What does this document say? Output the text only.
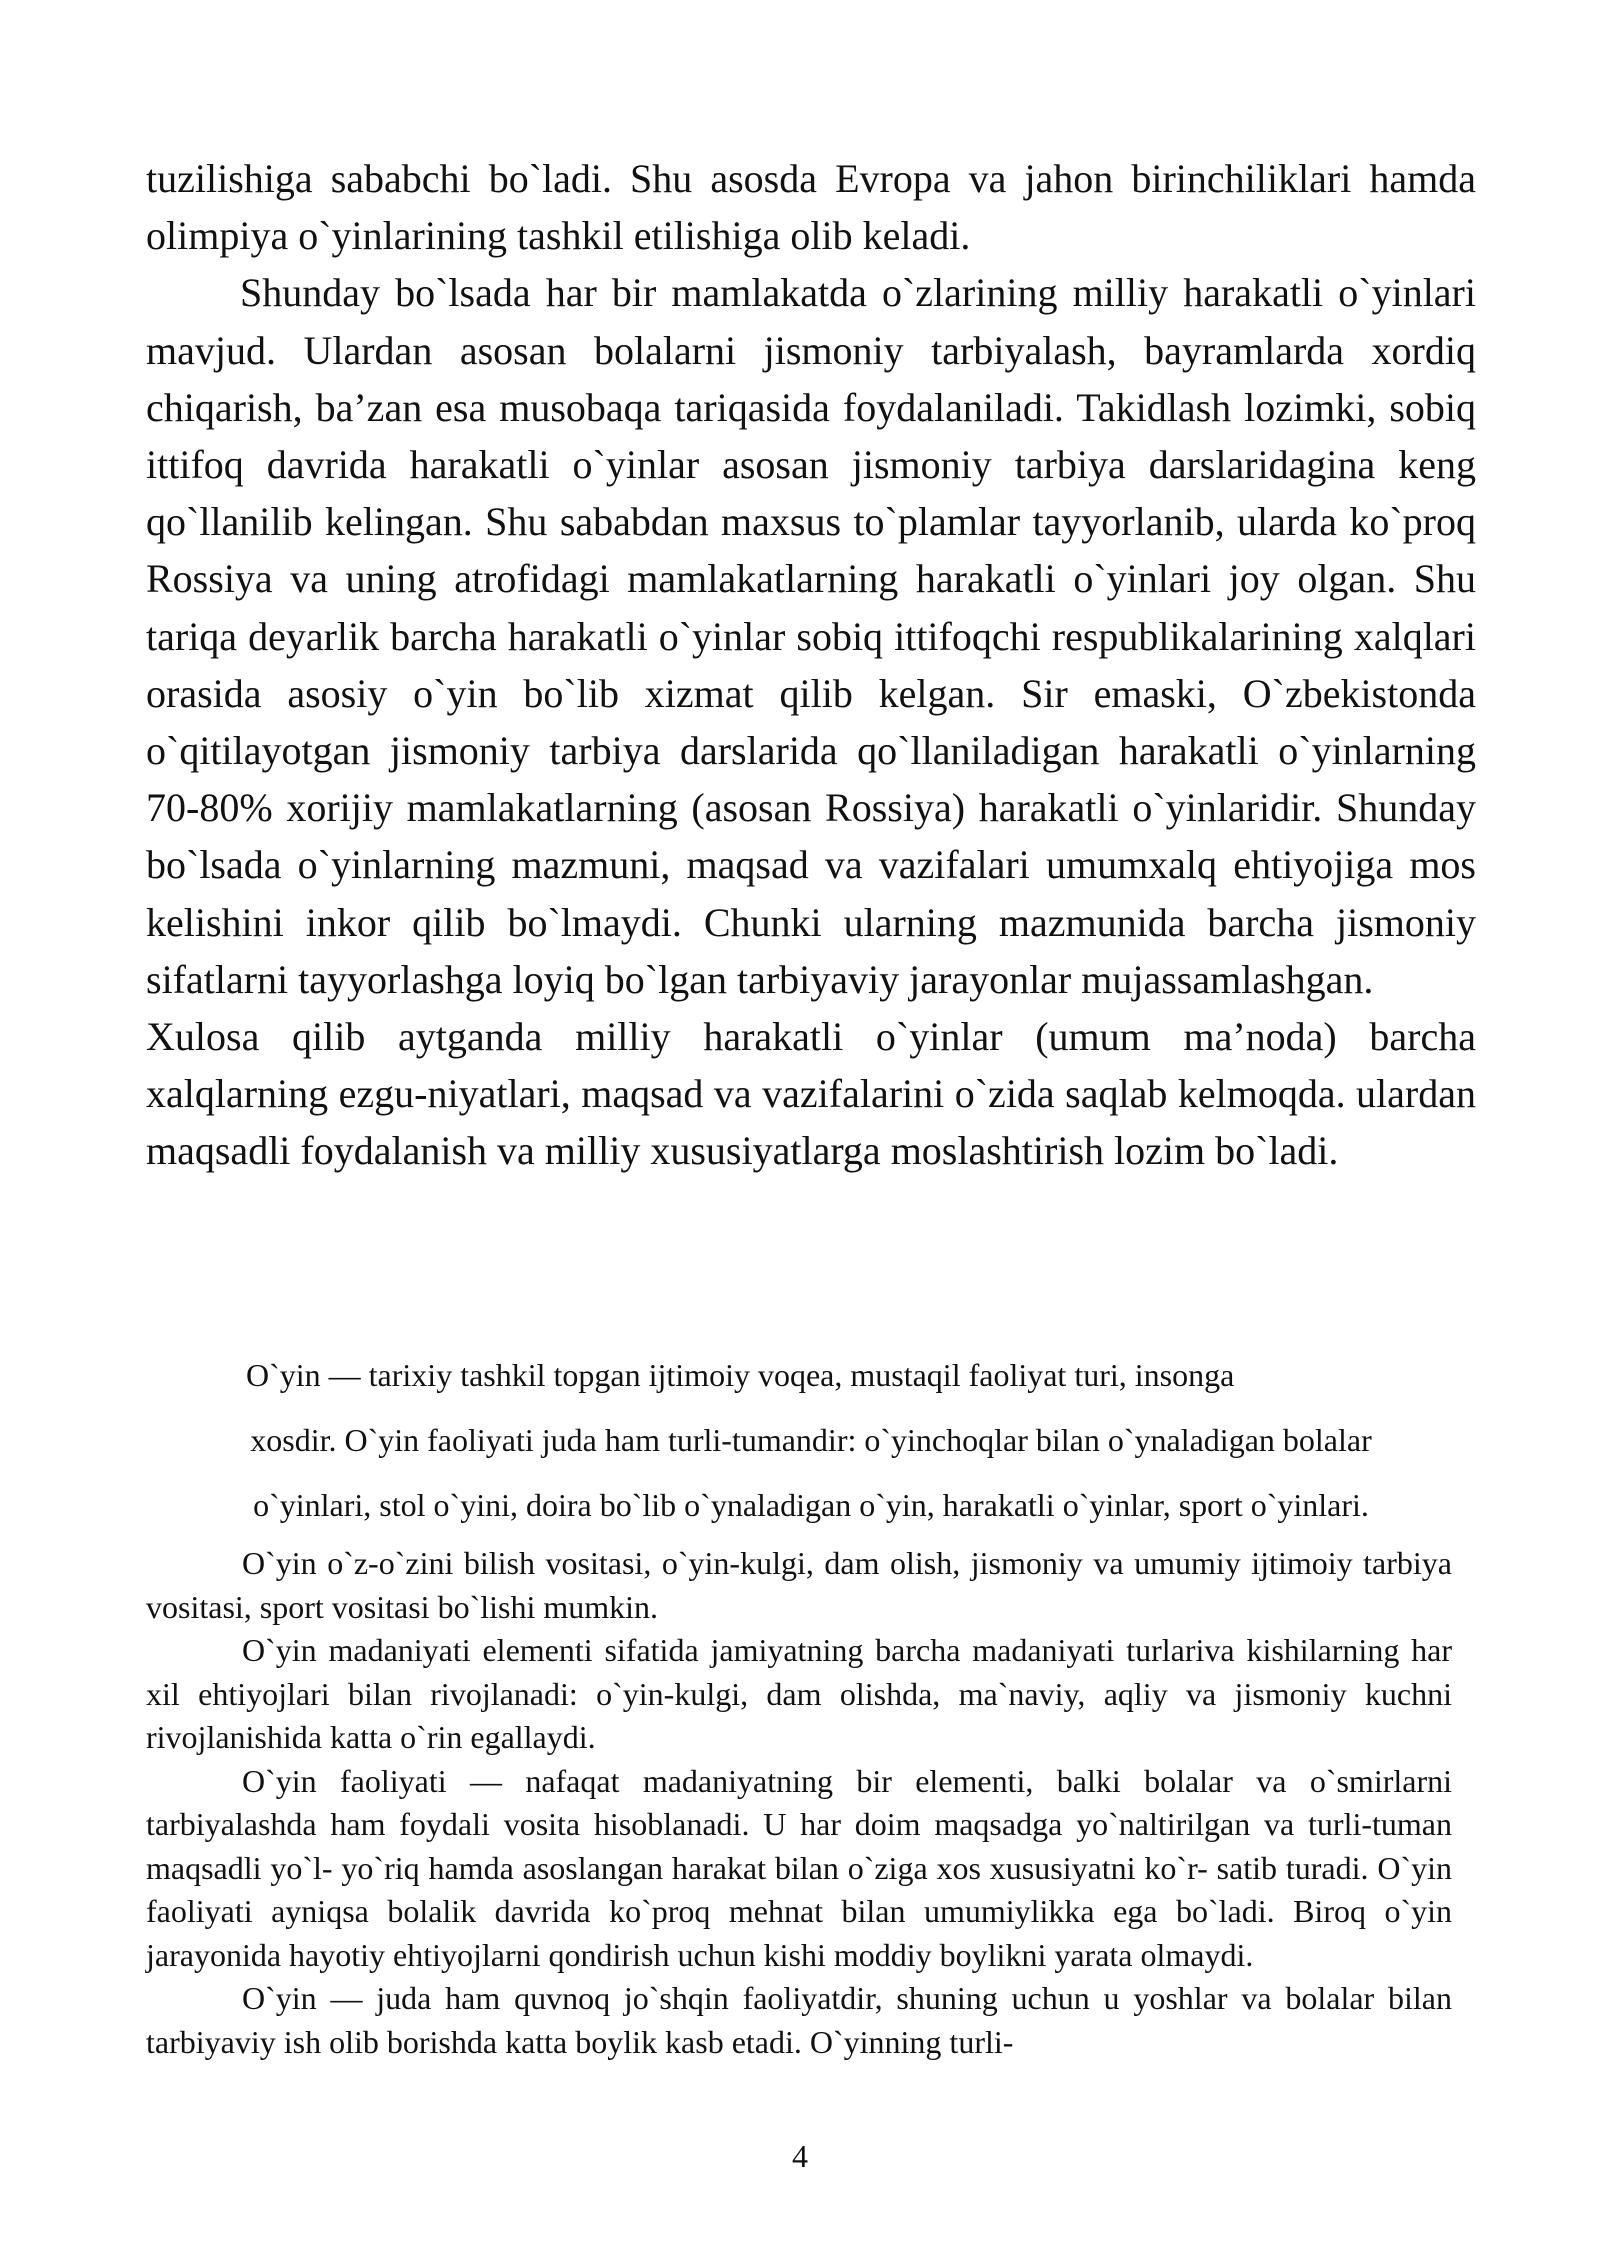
tuzilishiga sababchi bo`ladi. Shu asosda Evropa va jahon birinchiliklari hamda olimpiya o`yinlarining tashkil etilishiga olib keladi.

Shunday bo`lsada har bir mamlakatda o`zlarining milliy harakatli o`yinlari mavjud. Ulardan asosan bolalarni jismoniy tarbiyalash, bayramlarda xordiq chiqarish, ba’zan esa musobaqa tariqasida foydalaniladi. Takidlash lozimki, sobiq ittifoq davrida harakatli o`yinlar asosan jismoniy tarbiya darslaridagina keng qo`llanilib kelingan. Shu sababdan maxsus to`plamlar tayyorlanib, ularda ko`proq Rossiya va uning atrofidagi mamlakatlarning harakatli o`yinlari joy olgan. Shu tariqa deyarlik barcha harakatli o`yinlar sobiq ittifoqchi respublikalarining xalqlari orasida asosiy o`yin bo`lib xizmat qilib kelgan. Sir emaski, O`zbekistonda o`qitilayotgan jismoniy tarbiya darslarida qo`llaniladigan harakatli o`yinlarning 70-80% xorijiy mamlakatlarning (asosan Rossiya) harakatli o`yinlaridir. Shunday bo`lsada o`yinlarning mazmuni, maqsad va vazifalari umumxalq ehtiyojiga mos kelishini inkor qilib bo`lmaydi. Chunki ularning mazmunida barcha jismoniy sifatlarni tayyorlashga loyiq bo`lgan tarbiyaviy jarayonlar mujassamlashgan.

Xulosa qilib aytganda milliy harakatli o`yinlar (umum ma’noda) barcha xalqlarning ezgu-niyatlari, maqsad va vazifalarini o`zida saqlab kelmoqda. ulardan maqsadli foydalanish va milliy xususiyatlarga moslashtirish lozim bo`ladi.

O`yin — tarixiy tashkil topgan ijtimoiy voqea, mustaqil faoliyat turi, insonga

xosdir. O`yin faoliyati juda ham turli-tumandir: o`yinchoqlar bilan o`ynaladigan bolalar

o`yinlari, stol o`yini, doira bo`lib o`ynaladigan o`yin, harakatli o`yinlar, sport o`yinlari.

O`yin o`z-o`zini bilish vositasi, o`yin-kulgi, dam olish, jismoniy va umumiy ijtimoiy tarbiya vositasi, sport vositasi bo`lishi mumkin.

O`yin madaniyati elementi sifatida jamiyatning barcha madaniyati turlariva kishilarning har xil ehtiyojlari bilan rivojlanadi: o`yin-kulgi, dam olishda, ma`naviy, aqliy va jismoniy kuchni rivojlanishida katta o`rin egallaydi.

O`yin faoliyati — nafaqat madaniyatning bir elementi, balki bolalar va o`smirlarni tarbiyalashda ham foydali vosita hisoblanadi. U har doim maqsadga yo`naltirilgan va turli-tuman maqsadli yo`l- yo`riq hamda asoslangan harakat bilan o`ziga xos xususiyatni ko`r- satib turadi. O`yin faoliyati ayniqsa bolalik davrida ko`proq mehnat bilan umumiylikka ega bo`ladi. Biroq o`yin jarayonida hayotiy ehtiyojlarni qondirish uchun kishi moddiy boylikni yarata olmaydi.

O`yin — juda ham quvnoq jo`shqin faoliyatdir, shuning uchun u yoshlar va bolalar bilan tarbiyaviy ish olib borishda katta boylik kasb etadi. O`yinning turli-

4
